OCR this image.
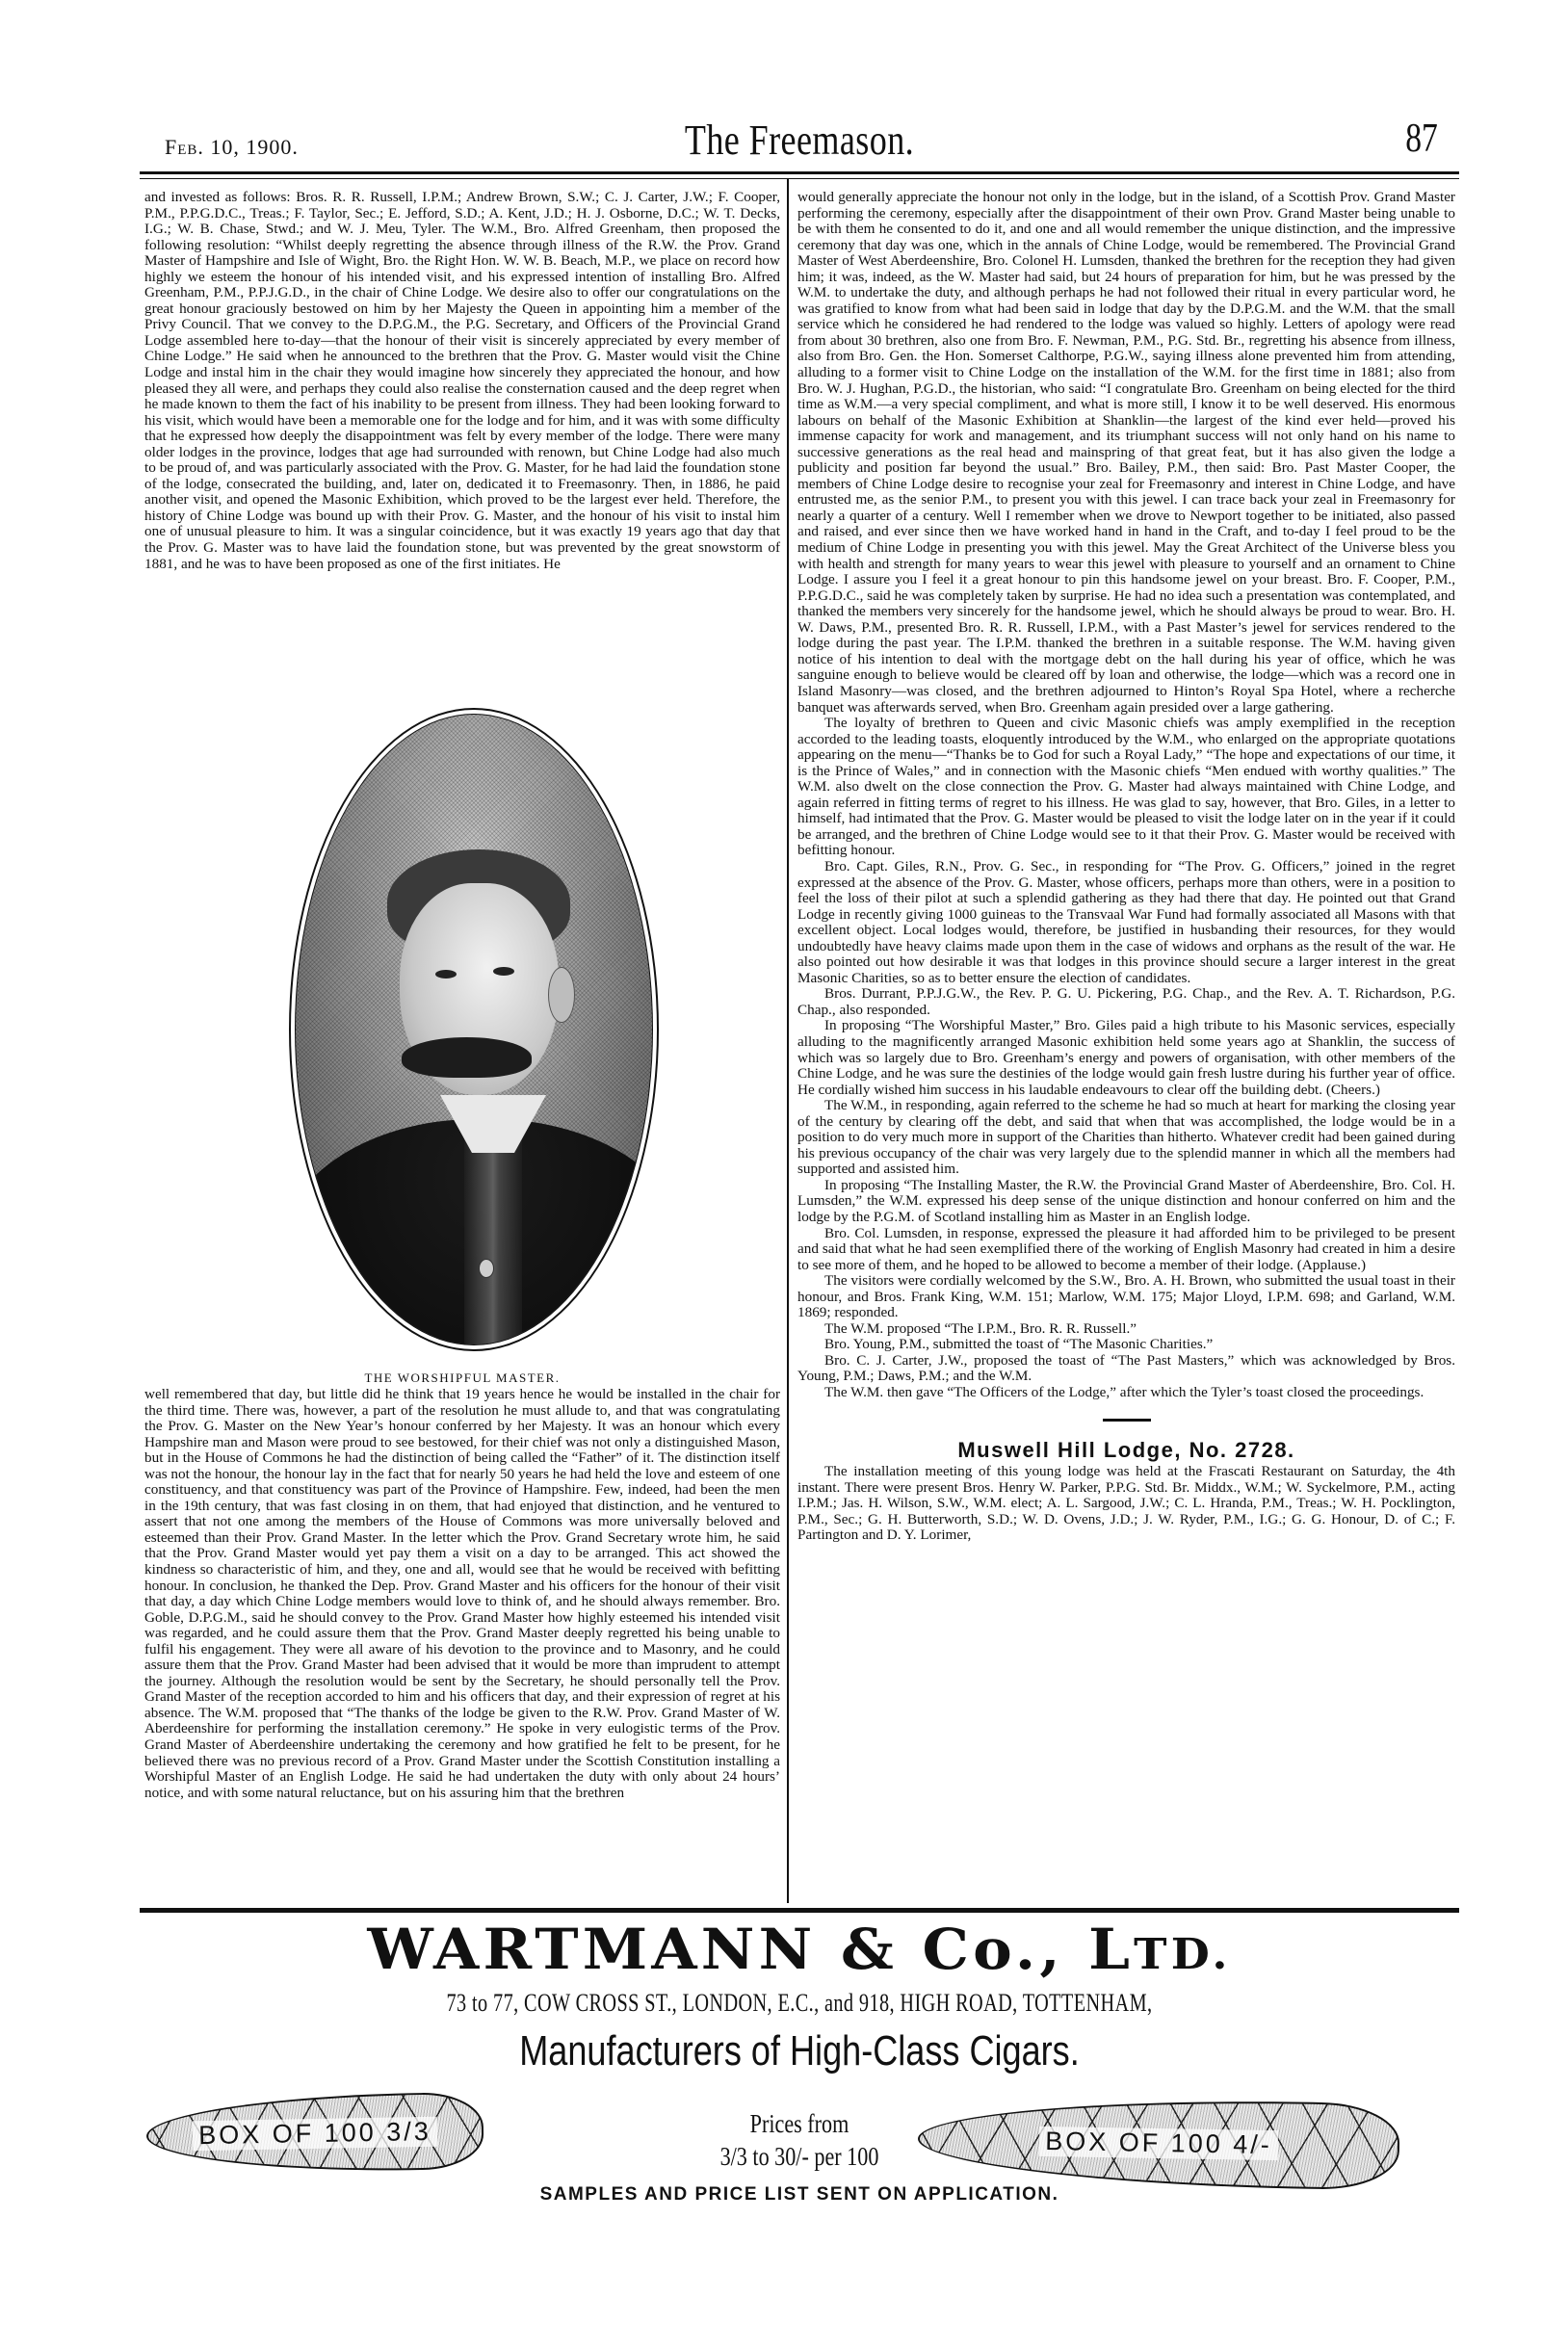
Feb. 10, 1900.	The Freemason.	87

and invested as follows: Bros. R. R. Russell, I.P.M.; Andrew Brown, S.W.; C. J. Carter, J.W.; F. Cooper, P.M., P.P.G.D.C., Treas.; F. Taylor, Sec.; E. Jefford, S.D.; A. Kent, J.D.; H. J. Osborne, D.C.; W. T. Decks, I.G.; W. B. Chase, Stwd.; and W. J. Meu, Tyler. The W.M., Bro. Alfred Greenham, then proposed the following resolution: “Whilst deeply regretting the absence through illness of the R.W. the Prov. Grand Master of Hampshire and Isle of Wight, Bro. the Right Hon. W. W. B. Beach, M.P., we place on record how highly we esteem the honour of his intended visit, and his expressed intention of installing Bro. Alfred Greenham, P.M., P.P.J.G.D., in the chair of Chine Lodge. We desire also to offer our congratulations on the great honour graciously bestowed on him by her Majesty the Queen in appointing him a member of the Privy Council. That we convey to the D.P.G.M., the P.G. Secretary, and Officers of the Provincial Grand Lodge assembled here to-day—that the honour of their visit is sincerely appreciated by every member of Chine Lodge.” He said when he announced to the brethren that the Prov. G. Master would visit the Chine Lodge and instal him in the chair they would imagine how sincerely they appreciated the honour, and how pleased they all were, and perhaps they could also realise the consternation caused and the deep regret when he made known to them the fact of his inability to be present from illness. They had been looking forward to his visit, which would have been a memorable one for the lodge and for him, and it was with some difficulty that he expressed how deeply the disappointment was felt by every member of the lodge. There were many older lodges in the province, lodges that age had surrounded with renown, but Chine Lodge had also much to be proud of, and was particularly associated with the Prov. G. Master, for he had laid the foundation stone of the lodge, consecrated the building, and, later on, dedicated it to Freemasonry. Then, in 1886, he paid another visit, and opened the Masonic Exhibition, which proved to be the largest ever held. Therefore, the history of Chine Lodge was bound up with their Prov. G. Master, and the honour of his visit to instal him one of unusual pleasure to him. It was a singular coincidence, but it was exactly 19 years ago that day that the Prov. G. Master was to have laid the foundation stone, but was prevented by the great snowstorm of 1881, and he was to have been proposed as one of the first initiates. He

THE WORSHIPFUL MASTER.

well remembered that day, but little did he think that 19 years hence he would be installed in the chair for the third time. There was, however, a part of the resolution he must allude to, and that was congratulating the Prov. G. Master on the New Year’s honour conferred by her Majesty. It was an honour which every Hampshire man and Mason were proud to see bestowed, for their chief was not only a distinguished Mason, but in the House of Commons he had the distinction of being called the “Father” of it. The distinction itself was not the honour, the honour lay in the fact that for nearly 50 years he had held the love and esteem of one constituency, and that constituency was part of the Province of Hampshire. Few, indeed, had been the men in the 19th century, that was fast closing in on them, that had enjoyed that distinction, and he ventured to assert that not one among the members of the House of Commons was more universally beloved and esteemed than their Prov. Grand Master. In the letter which the Prov. Grand Secretary wrote him, he said that the Prov. Grand Master would yet pay them a visit on a day to be arranged. This act showed the kindness so characteristic of him, and they, one and all, would see that he would be received with befitting honour. In conclusion, he thanked the Dep. Prov. Grand Master and his officers for the honour of their visit that day, a day which Chine Lodge members would love to think of, and he should always remember. Bro. Goble, D.P.G.M., said he should convey to the Prov. Grand Master how highly esteemed his intended visit was regarded, and he could assure them that the Prov. Grand Master deeply regretted his being unable to fulfil his engagement. They were all aware of his devotion to the province and to Masonry, and he could assure them that the Prov. Grand Master had been advised that it would be more than imprudent to attempt the journey. Although the resolution would be sent by the Secretary, he should personally tell the Prov. Grand Master of the reception accorded to him and his officers that day, and their expression of regret at his absence. The W.M. proposed that “The thanks of the lodge be given to the R.W. Prov. Grand Master of W. Aberdeenshire for performing the installation ceremony.” He spoke in very eulogistic terms of the Prov. Grand Master of Aberdeenshire undertaking the ceremony and how gratified he felt to be present, for he believed there was no previous record of a Prov. Grand Master under the Scottish Constitution installing a Worshipful Master of an English Lodge. He said he had undertaken the duty with only about 24 hours’ notice, and with some natural reluctance, but on his assuring him that the brethren

would generally appreciate the honour not only in the lodge, but in the island, of a Scottish Prov. Grand Master performing the ceremony, especially after the disappointment of their own Prov. Grand Master being unable to be with them he consented to do it, and one and all would remember the unique distinction, and the impressive ceremony that day was one, which in the annals of Chine Lodge, would be remembered. The Provincial Grand Master of West Aberdeenshire, Bro. Colonel H. Lumsden, thanked the brethren for the reception they had given him; it was, indeed, as the W. Master had said, but 24 hours of preparation for him, but he was pressed by the W.M. to undertake the duty, and although perhaps he had not followed their ritual in every particular word, he was gratified to know from what had been said in lodge that day by the D.P.G.M. and the W.M. that the small service which he considered he had rendered to the lodge was valued so highly. Letters of apology were read from about 30 brethren, also one from Bro. F. Newman, P.M., P.G. Std. Br., regretting his absence from illness, also from Bro. Gen. the Hon. Somerset Calthorpe, P.G.W., saying illness alone prevented him from attending, alluding to a former visit to Chine Lodge on the installation of the W.M. for the first time in 1881; also from Bro. W. J. Hughan, P.G.D., the historian, who said: “I congratulate Bro. Greenham on being elected for the third time as W.M.—a very special compliment, and what is more still, I know it to be well deserved. His enormous labours on behalf of the Masonic Exhibition at Shanklin—the largest of the kind ever held—proved his immense capacity for work and management, and its triumphant success will not only hand on his name to successive generations as the real head and mainspring of that great feat, but it has also given the lodge a publicity and position far beyond the usual.” Bro. Bailey, P.M., then said: Bro. Past Master Cooper, the members of Chine Lodge desire to recognise your zeal for Freemasonry and interest in Chine Lodge, and have entrusted me, as the senior P.M., to present you with this jewel. I can trace back your zeal in Freemasonry for nearly a quarter of a century. Well I remember when we drove to Newport together to be initiated, also passed and raised, and ever since then we have worked hand in hand in the Craft, and to-day I feel proud to be the medium of Chine Lodge in presenting you with this jewel. May the Great Architect of the Universe bless you with health and strength for many years to wear this jewel with pleasure to yourself and an ornament to Chine Lodge. I assure you I feel it a great honour to pin this handsome jewel on your breast. Bro. F. Cooper, P.M., P.P.G.D.C., said he was completely taken by surprise. He had no idea such a presentation was contemplated, and thanked the members very sincerely for the handsome jewel, which he should always be proud to wear. Bro. H. W. Daws, P.M., presented Bro. R. R. Russell, I.P.M., with a Past Master’s jewel for services rendered to the lodge during the past year. The I.P.M. thanked the brethren in a suitable response. The W.M. having given notice of his intention to deal with the mortgage debt on the hall during his year of office, which he was sanguine enough to believe would be cleared off by loan and otherwise, the lodge—which was a record one in Island Masonry—was closed, and the brethren adjourned to Hinton’s Royal Spa Hotel, where a recherche banquet was afterwards served, when Bro. Greenham again presided over a large gathering.

The loyalty of brethren to Queen and civic Masonic chiefs was amply exemplified in the reception accorded to the leading toasts, eloquently introduced by the W.M., who enlarged on the appropriate quotations appearing on the menu—“Thanks be to God for such a Royal Lady,” “The hope and expectations of our time, it is the Prince of Wales,” and in connection with the Masonic chiefs “Men endued with worthy qualities.” The W.M. also dwelt on the close connection the Prov. G. Master had always maintained with Chine Lodge, and again referred in fitting terms of regret to his illness. He was glad to say, however, that Bro. Giles, in a letter to himself, had intimated that the Prov. G. Master would be pleased to visit the lodge later on in the year if it could be arranged, and the brethren of Chine Lodge would see to it that their Prov. G. Master would be received with befitting honour.

Bro. Capt. Giles, R.N., Prov. G. Sec., in responding for “The Prov. G. Officers,” joined in the regret expressed at the absence of the Prov. G. Master, whose officers, perhaps more than others, were in a position to feel the loss of their pilot at such a splendid gathering as they had there that day. He pointed out that Grand Lodge in recently giving 1000 guineas to the Transvaal War Fund had formally associated all Masons with that excellent object. Local lodges would, therefore, be justified in husbanding their resources, for they would undoubtedly have heavy claims made upon them in the case of widows and orphans as the result of the war. He also pointed out how desirable it was that lodges in this province should secure a larger interest in the great Masonic Charities, so as to better ensure the election of candidates.

Bros. Durrant, P.P.J.G.W., the Rev. P. G. U. Pickering, P.G. Chap., and the Rev. A. T. Richardson, P.G. Chap., also responded.

In proposing “The Worshipful Master,” Bro. Giles paid a high tribute to his Masonic services, especially alluding to the magnificently arranged Masonic exhibition held some years ago at Shanklin, the success of which was so largely due to Bro. Greenham’s energy and powers of organisation, with other members of the Chine Lodge, and he was sure the destinies of the lodge would gain fresh lustre during his further year of office. He cordially wished him success in his laudable endeavours to clear off the building debt. (Cheers.)

The W.M., in responding, again referred to the scheme he had so much at heart for marking the closing year of the century by clearing off the debt, and said that when that was accomplished, the lodge would be in a position to do very much more in support of the Charities than hitherto. Whatever credit had been gained during his previous occupancy of the chair was very largely due to the splendid manner in which all the members had supported and assisted him.

In proposing “The Installing Master, the R.W. the Provincial Grand Master of Aberdeenshire, Bro. Col. H. Lumsden,” the W.M. expressed his deep sense of the unique distinction and honour conferred on him and the lodge by the P.G.M. of Scotland installing him as Master in an English lodge.

Bro. Col. Lumsden, in response, expressed the pleasure it had afforded him to be privileged to be present and said that what he had seen exemplified there of the working of English Masonry had created in him a desire to see more of them, and he hoped to be allowed to become a member of their lodge. (Applause.)

The visitors were cordially welcomed by the S.W., Bro. A. H. Brown, who submitted the usual toast in their honour, and Bros. Frank King, W.M. 151; Marlow, W.M. 175; Major Lloyd, I.P.M. 698; and Garland, W.M. 1869; responded.

The W.M. proposed “The I.P.M., Bro. R. R. Russell.”

Bro. Young, P.M., submitted the toast of “The Masonic Charities.”

Bro. C. J. Carter, J.W., proposed the toast of “The Past Masters,” which was acknowledged by Bros. Young, P.M.; Daws, P.M.; and the W.M.

The W.M. then gave “The Officers of the Lodge,” after which the Tyler’s toast closed the proceedings.

Muswell Hill Lodge, No. 2728.

The installation meeting of this young lodge was held at the Frascati Restaurant on Saturday, the 4th instant. There were present Bros. Henry W. Parker, P.P.G. Std. Br. Middx., W.M.; W. Syckelmore, P.M., acting I.P.M.; Jas. H. Wilson, S.W., W.M. elect; A. L. Sargood, J.W.; C. L. Hranda, P.M., Treas.; W. H. Pocklington, P.M., Sec.; G. H. Butterworth, S.D.; W. D. Ovens, J.D.; J. W. Ryder, P.M., I.G.; G. G. Honour, D. of C.; F. Partington and D. Y. Lorimer,

WARTMANN & Co., LTD.
73 to 77, COW CROSS ST., LONDON, E.C., and 918, HIGH ROAD, TOTTENHAM,
Manufacturers of High-Class Cigars.
BOX OF 100 3/3	Prices from
3/3 to 30/- per 100	BOX OF 100 4/-
SAMPLES AND PRICE LIST SENT ON APPLICATION.
